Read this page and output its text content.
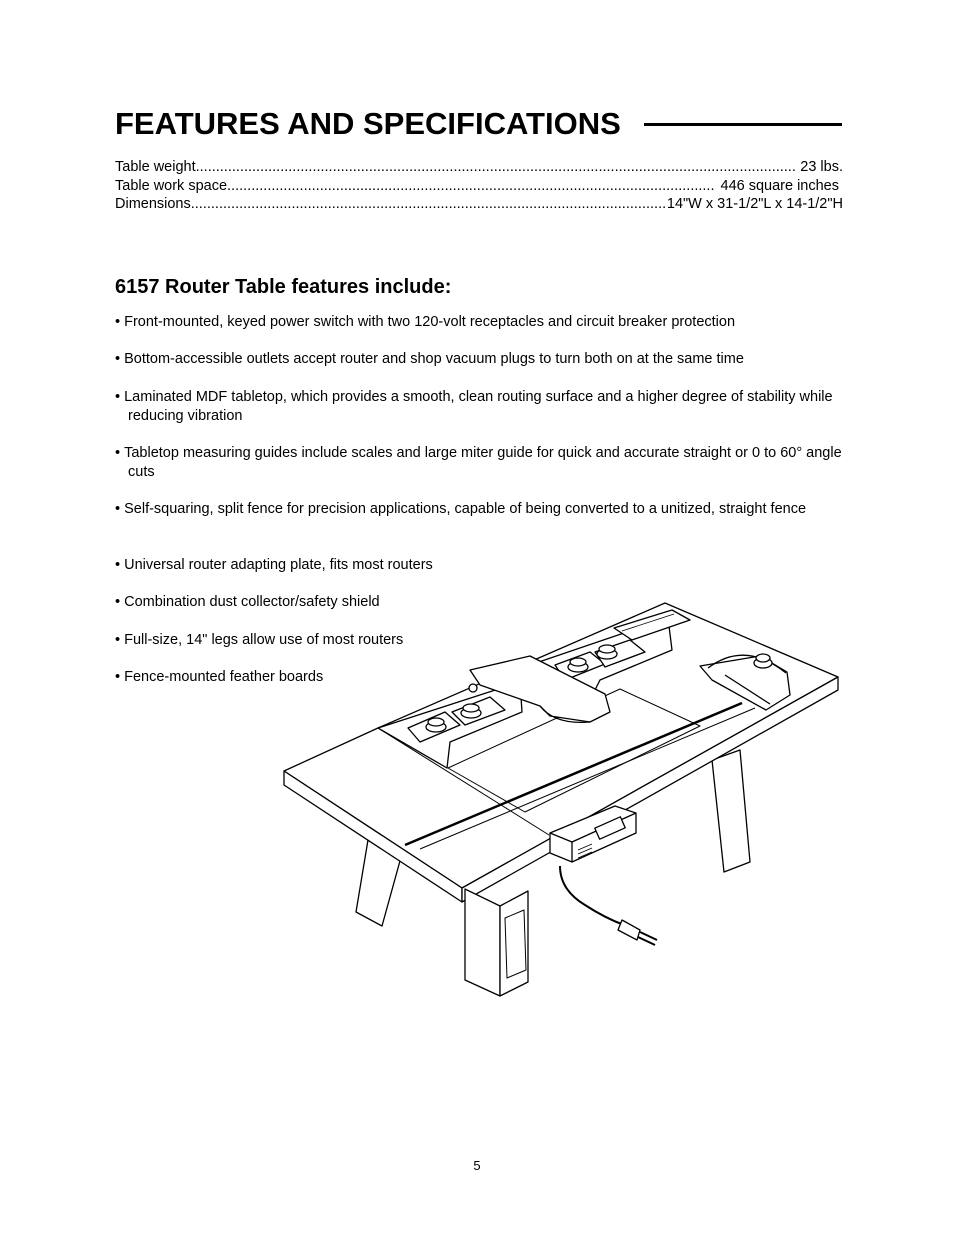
FEATURES AND SPECIFICATIONS
Table weight .....	23 lbs.
Table work space .....	446 square inches
Dimensions .....	14"W x 31-1/2"L x 14-1/2"H
6157 Router Table features include:
• Front-mounted, keyed power switch with two 120-volt receptacles and circuit breaker protection
• Bottom-accessible outlets accept router and shop vacuum plugs to turn both on at the same time
• Laminated MDF tabletop, which provides a smooth, clean routing surface and a higher degree of stability while reducing vibration
• Tabletop measuring guides include scales and large miter guide for quick and accurate straight or 0 to 60° angle cuts
• Self-squaring, split fence for precision applications, capable of being converted to a unitized, straight fence
• Universal router adapting plate, fits most routers
• Combination dust collector/safety shield
• Full-size, 14" legs allow use of most routers
• Fence-mounted feather boards
5
